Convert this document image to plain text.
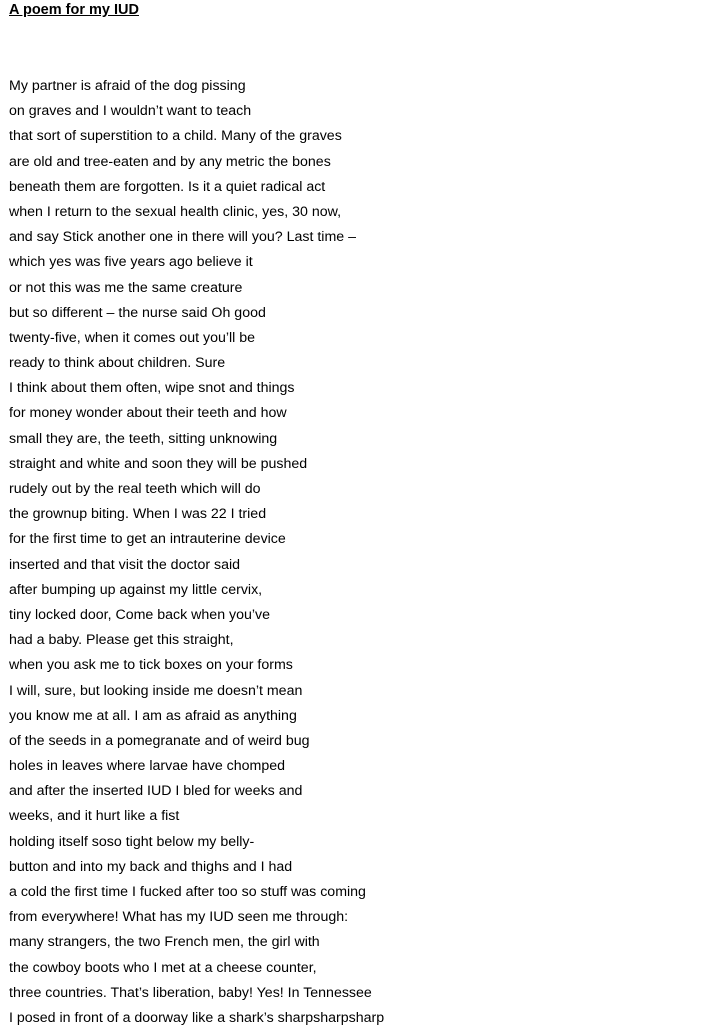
A poem for my IUD
My partner is afraid of the dog pissing
on graves and I wouldn’t want to teach
that sort of superstition to a child. Many of the graves
are old and tree-eaten and by any metric the bones
beneath them are forgotten. Is it a quiet radical act
when I return to the sexual health clinic, yes, 30 now,
and say Stick another one in there will you? Last time –
which yes was five years ago believe it
or not this was me the same creature
but so different – the nurse said Oh good
twenty-five, when it comes out you’ll be
ready to think about children. Sure
I think about them often, wipe snot and things
for money wonder about their teeth and how
small they are, the teeth, sitting unknowing
straight and white and soon they will be pushed
rudely out by the real teeth which will do
the grownup biting. When I was 22 I tried
for the first time to get an intrauterine device
inserted and that visit the doctor said
after bumping up against my little cervix,
tiny locked door, Come back when you’ve
had a baby. Please get this straight,
when you ask me to tick boxes on your forms
I will, sure, but looking inside me doesn’t mean
you know me at all. I am as afraid as anything
of the seeds in a pomegranate and of weird bug
holes in leaves where larvae have chomped
and after the inserted IUD I bled for weeks and
weeks, and it hurt like a fist
holding itself soso tight below my belly-
button and into my back and thighs and I had
a cold the first time I fucked after too so stuff was coming
from everywhere! What has my IUD seen me through:
many strangers, the two French men, the girl with
the cowboy boots who I met at a cheese counter,
three countries. That’s liberation, baby! Yes! In Tennessee
I posed in front of a doorway like a shark’s sharpsharpsharp
